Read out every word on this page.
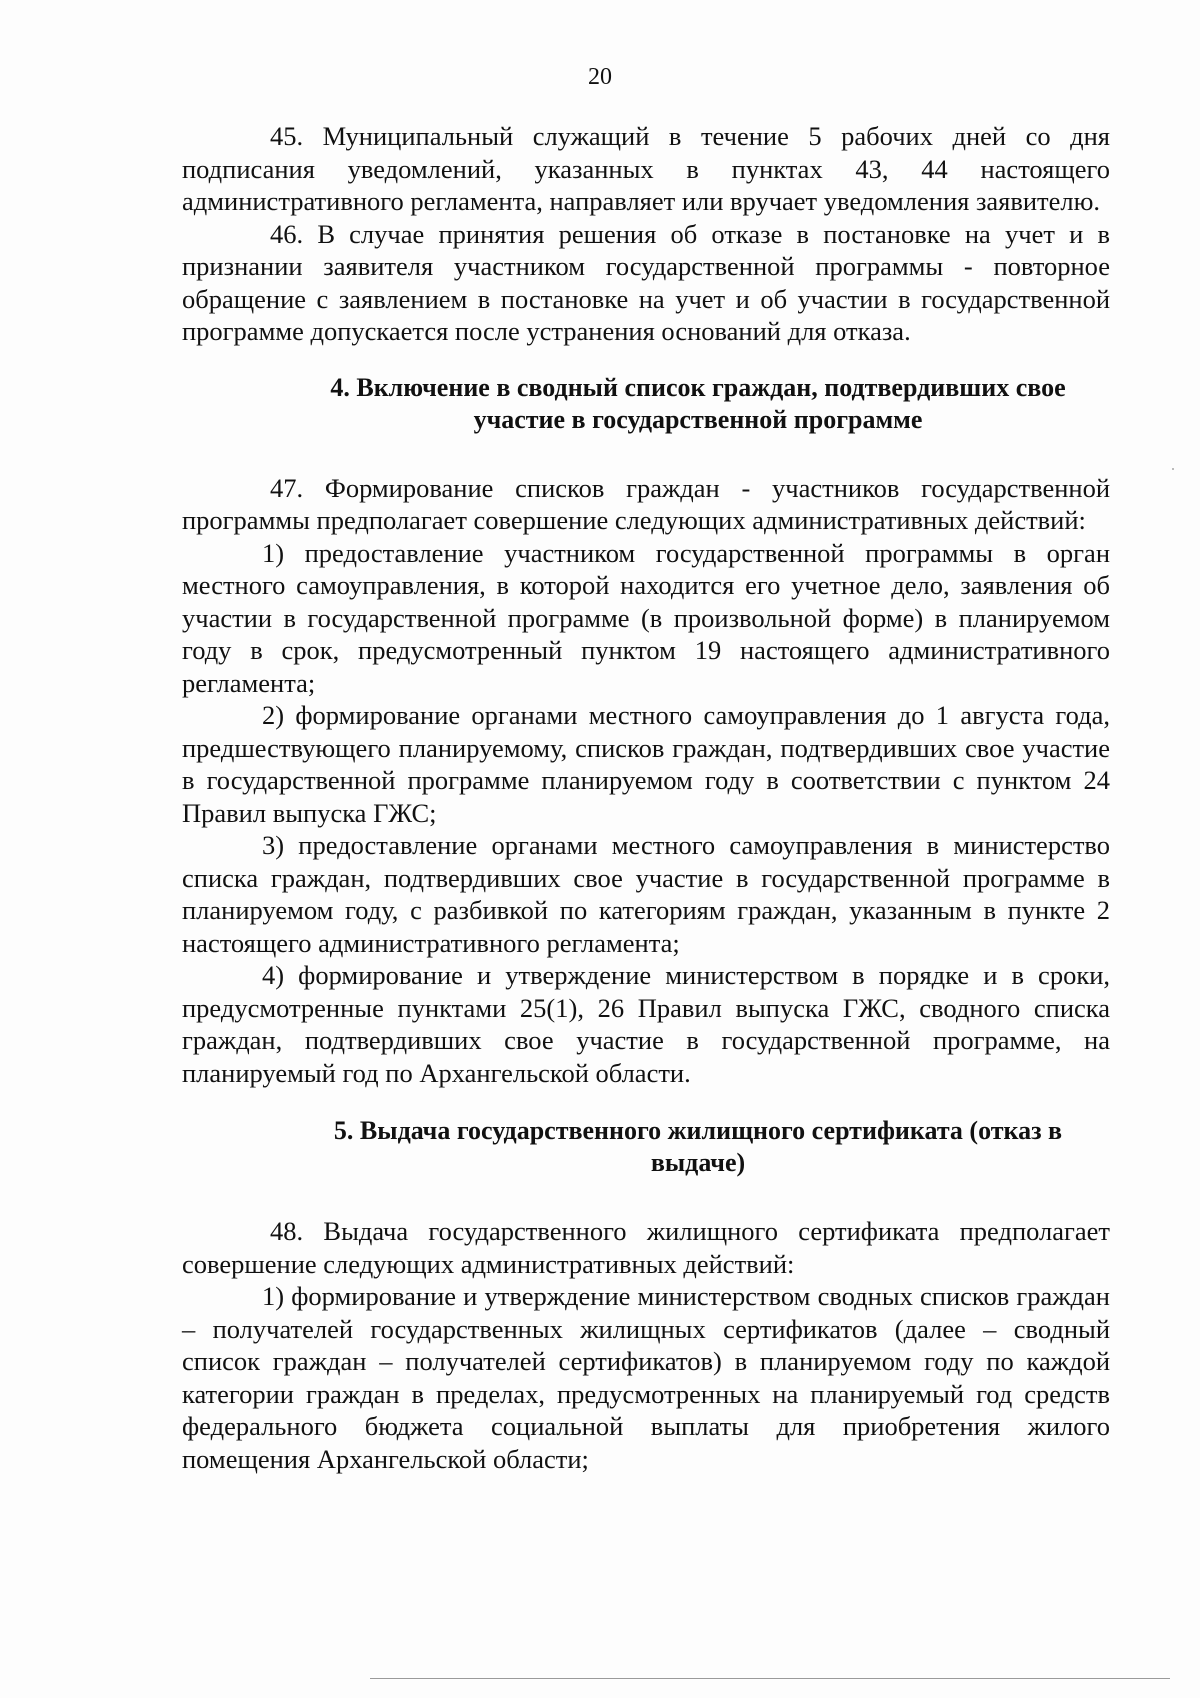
20

45. Муниципальный служащий в течение 5 рабочих дней со дня подписания уведомлений, указанных в пунктах 43, 44 настоящего административного регламента, направляет или вручает уведомления заявителю.

46. В случае принятия решения об отказе в постановке на учет и в признании заявителя участником государственной программы - повторное обращение с заявлением в постановке на учет и об участии в государственной программе допускается после устранения оснований для отказа.

4. Включение в сводный список граждан, подтвердивших свое участие в государственной программе

47. Формирование списков граждан - участников государственной программы предполагает совершение следующих административных действий:

1) предоставление участником государственной программы в орган местного самоуправления, в которой находится его учетное дело, заявления об участии в государственной программе (в произвольной форме) в планируемом году в срок, предусмотренный пунктом 19 настоящего административного регламента;

2) формирование органами местного самоуправления до 1 августа года, предшествующего планируемому, списков граждан, подтвердивших свое участие в государственной программе планируемом году в соответствии с пунктом 24 Правил выпуска ГЖС;

3) предоставление органами местного самоуправления в министерство списка граждан, подтвердивших свое участие в государственной программе в планируемом году, с разбивкой по категориям граждан, указанным в пункте 2 настоящего административного регламента;

4) формирование и утверждение министерством в порядке и в сроки, предусмотренные пунктами 25(1), 26 Правил выпуска ГЖС, сводного списка граждан, подтвердивших свое участие в государственной программе, на планируемый год по Архангельской области.

5. Выдача государственного жилищного сертификата (отказ в выдаче)

48. Выдача государственного жилищного сертификата предполагает совершение следующих административных действий:

1) формирование и утверждение министерством сводных списков граждан – получателей государственных жилищных сертификатов (далее – сводный список граждан – получателей сертификатов) в планируемом году по каждой категории граждан в пределах, предусмотренных на планируемый год средств федерального бюджета социальной выплаты для приобретения жилого помещения Архангельской области;
